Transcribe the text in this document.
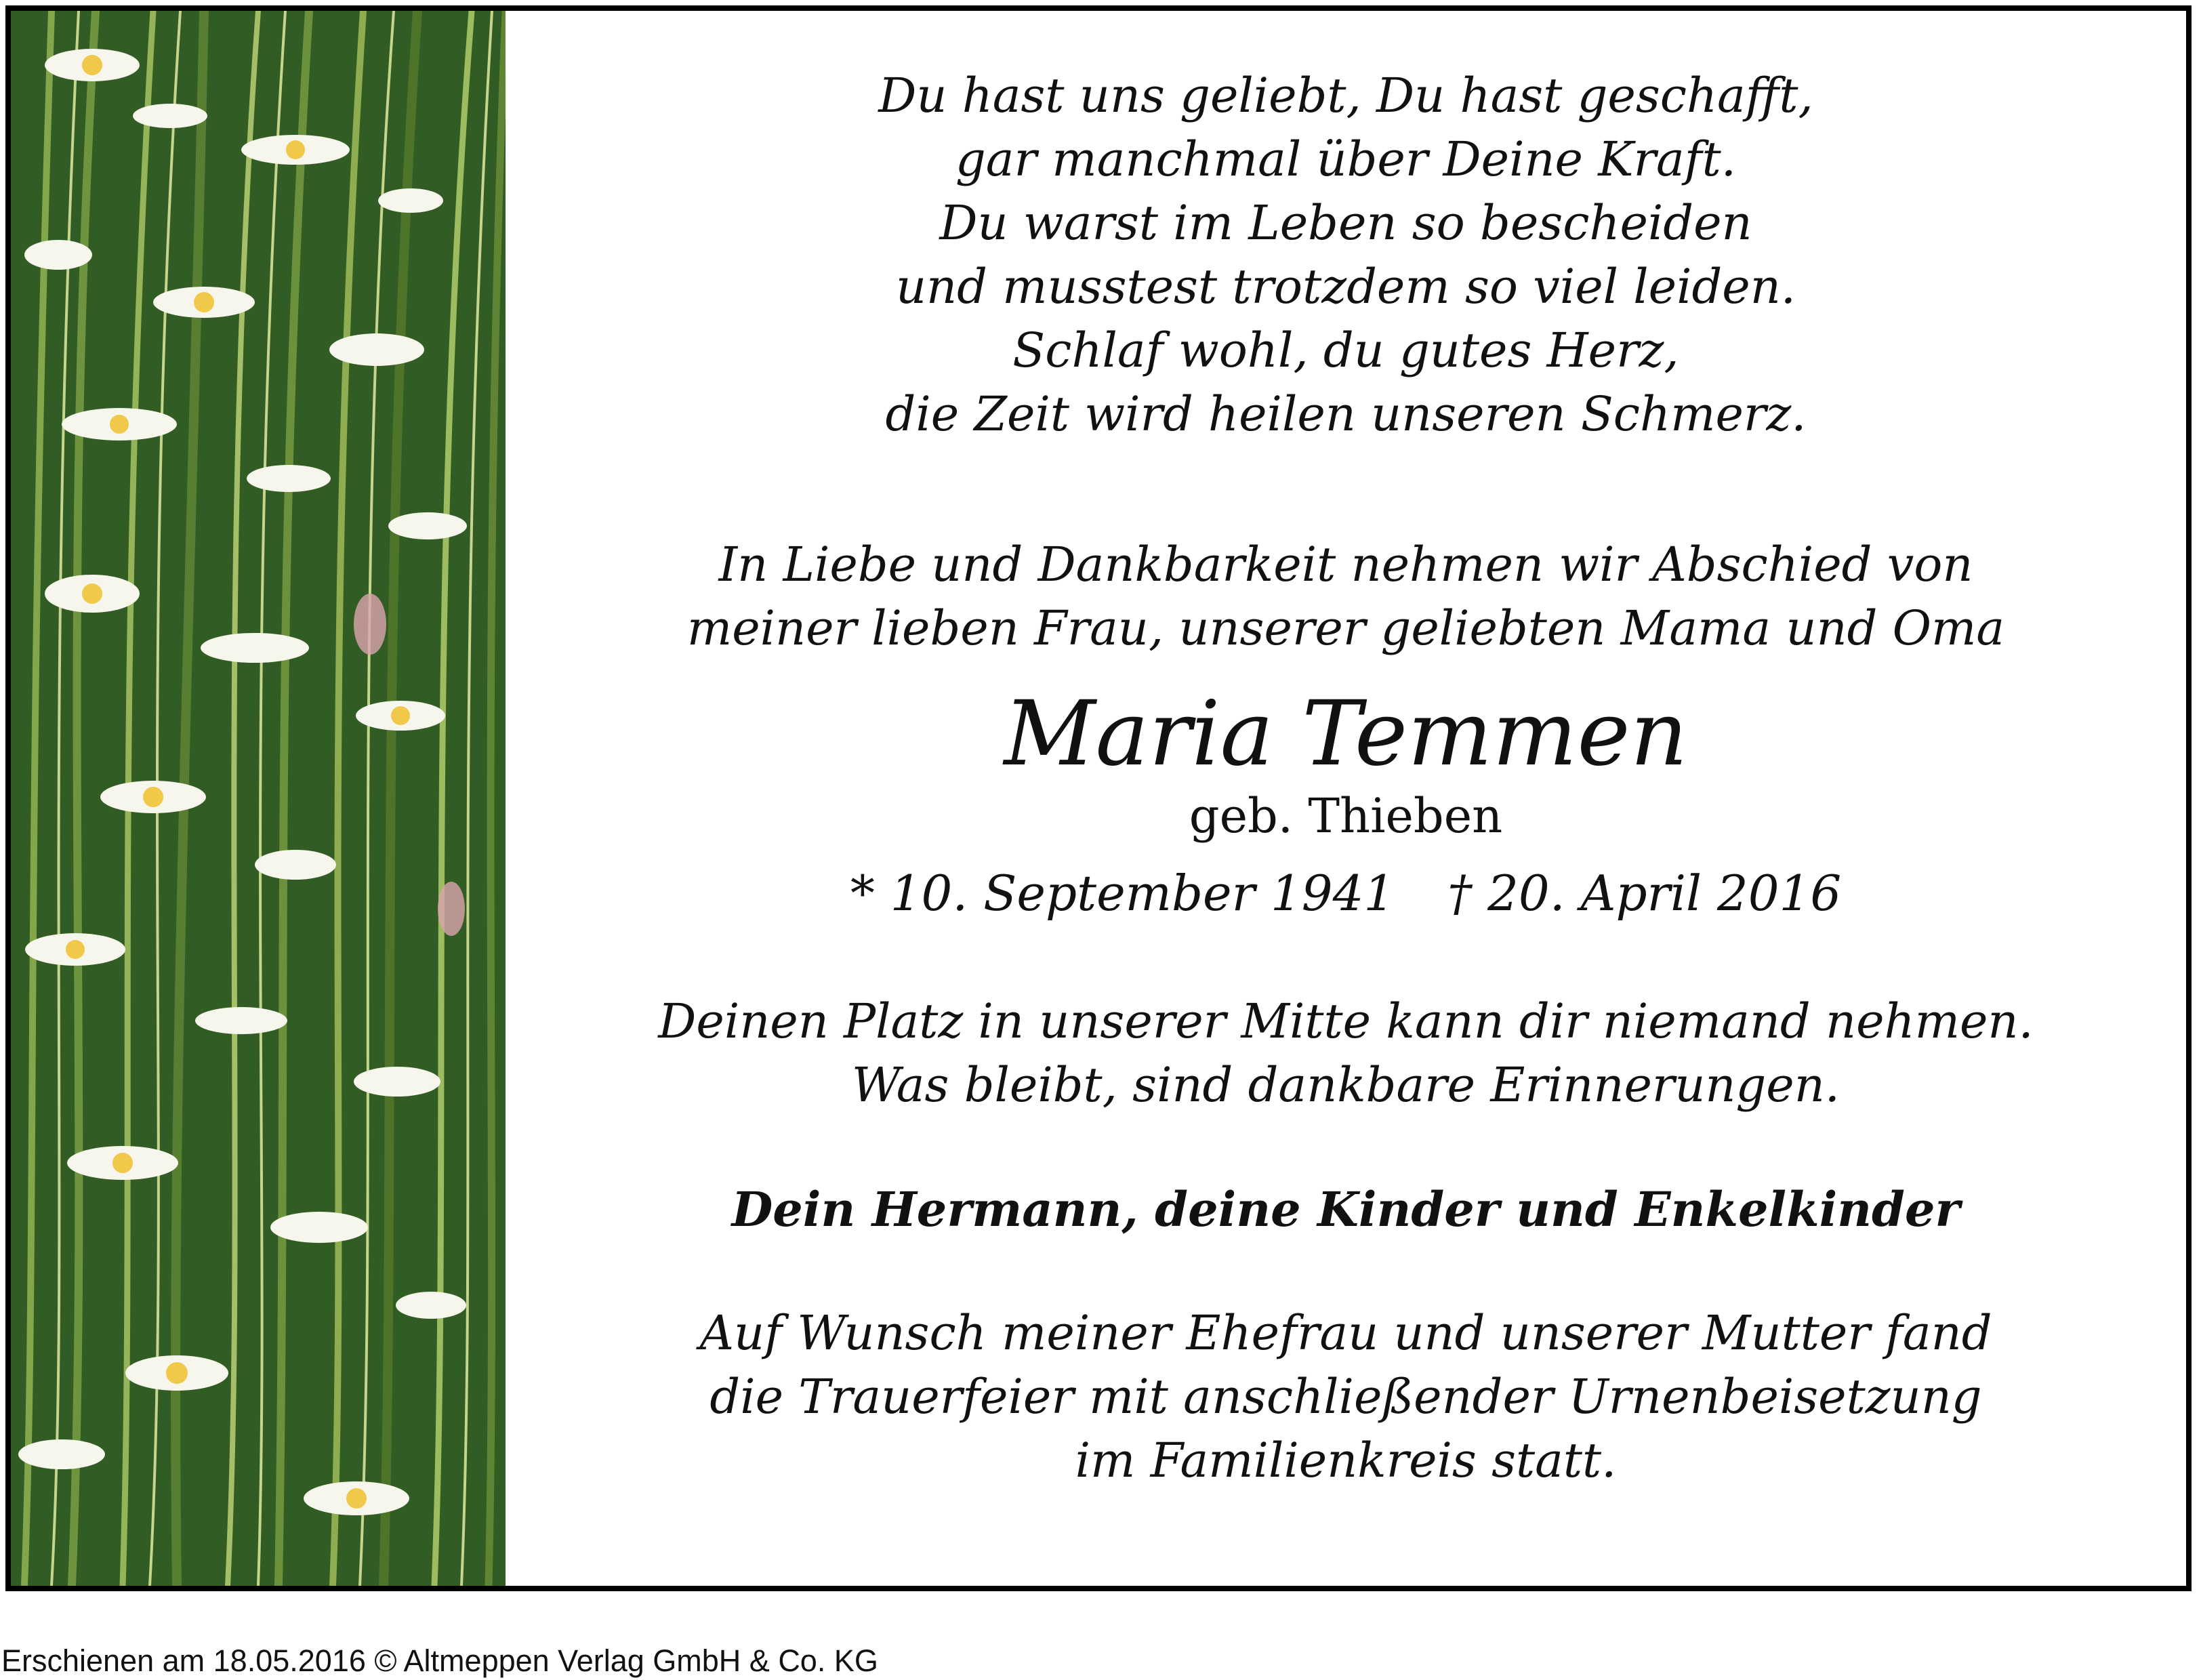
Du hast uns geliebt, Du hast geschafft,
gar manchmal über Deine Kraft.
Du warst im Leben so bescheiden
und musstest trotzdem so viel leiden.
Schlaf wohl, du gutes Herz,
die Zeit wird heilen unseren Schmerz.
In Liebe und Dankbarkeit nehmen wir Abschied von
meiner lieben Frau, unserer geliebten Mama und Oma
Maria Temmen
geb. Thieben
* 10. September 1941 † 20. April 2016
Deinen Platz in unserer Mitte kann dir niemand nehmen.
Was bleibt, sind dankbare Erinnerungen.
Dein Hermann, deine Kinder und Enkelkinder
Auf Wunsch meiner Ehefrau und unserer Mutter fand
die Trauerfeier mit anschließender Urnenbeisetzung
im Familienkreis statt.
Erschienen am 18.05.2016 © Altmeppen Verlag GmbH & Co. KG
